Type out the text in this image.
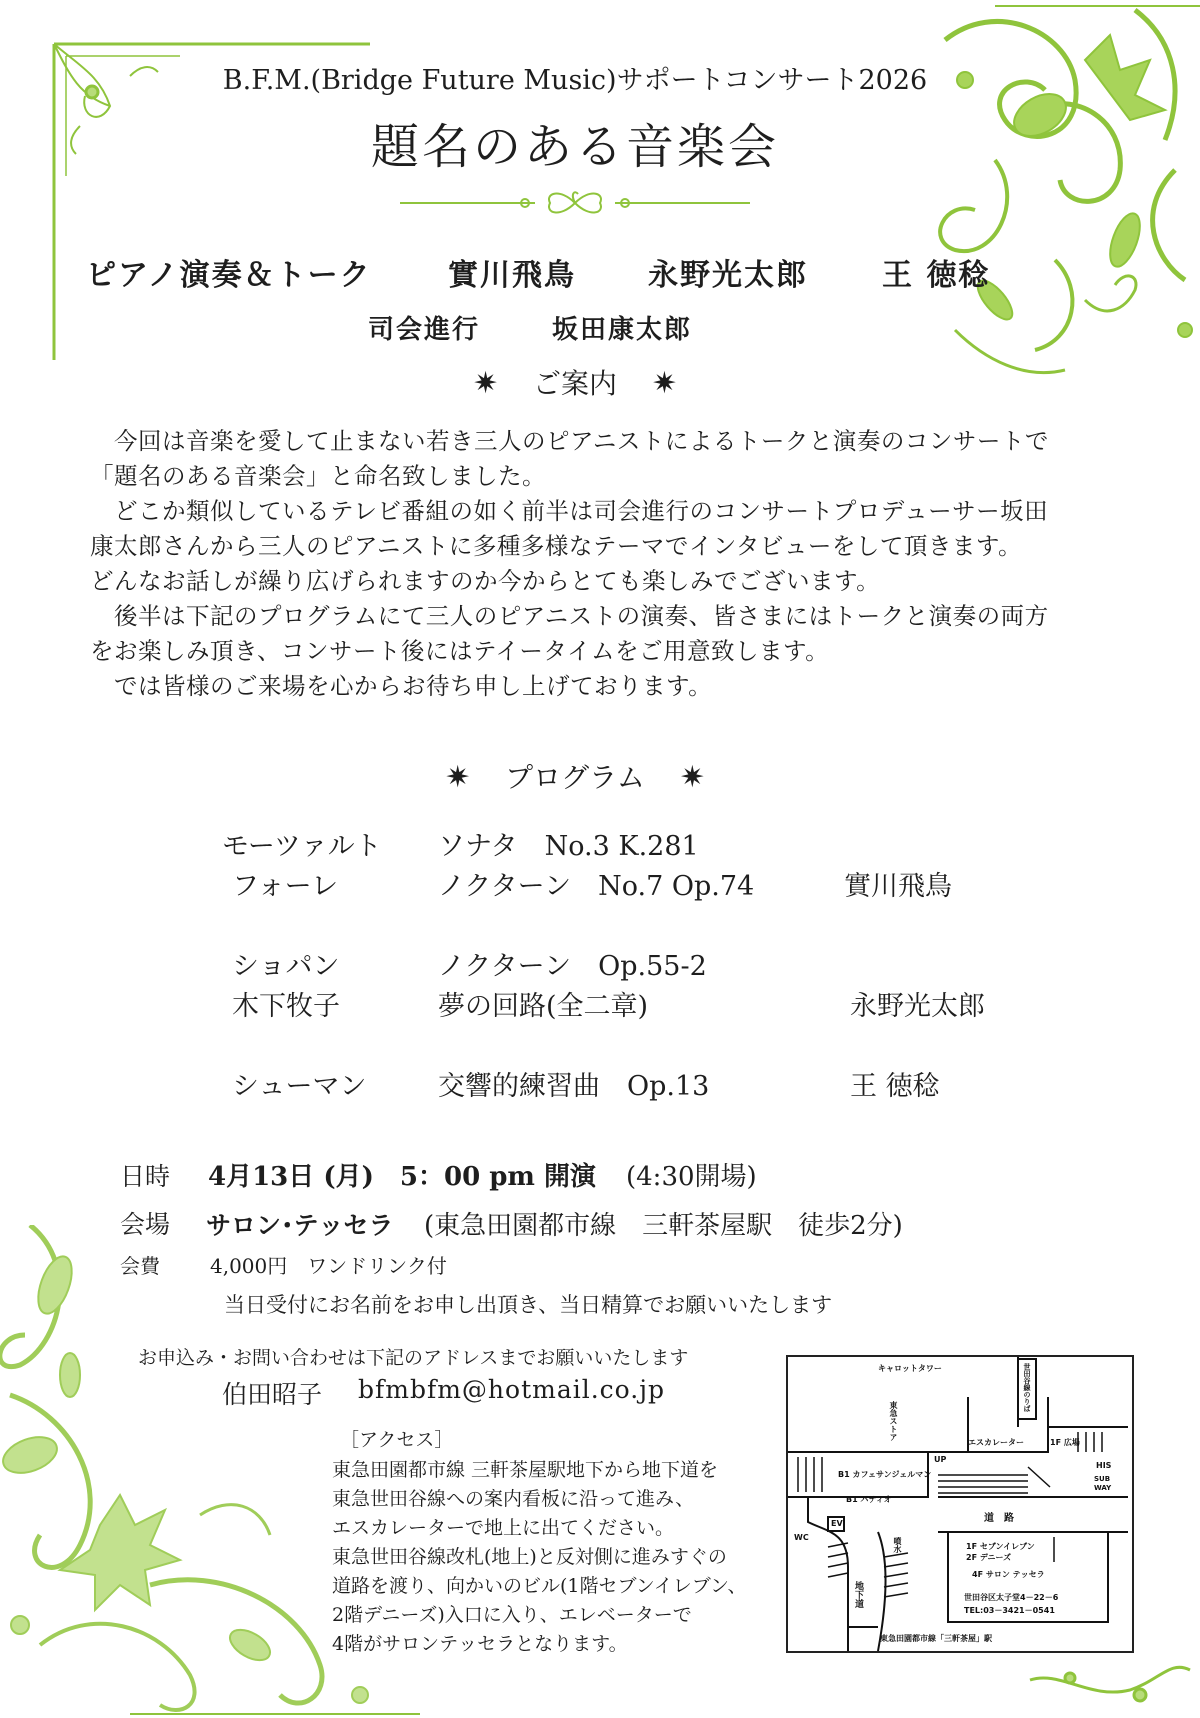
B.F.M.(Bridge Future Music)サポートコンサート2026
題名のある音楽会
ピアノ演奏＆トーク	實川飛鳥 永野光太郎 王 徳稔
司会進行	坂田康太郎
✷ ご案内 ✷
　今回は音楽を愛して止まない若き三人のピアニストによるトークと演奏のコンサートで
「題名のある音楽会」と命名致しました。
　どこか類似しているテレビ番組の如く前半は司会進行のコンサートプロデューサー坂田
康太郎さんから三人のピアニストに多種多様なテーマでインタビューをして頂きます。
どんなお話しが繰り広げられますのか今からとても楽しみでございます。
　後半は下記のプログラムにて三人のピアニストの演奏、皆さまにはトークと演奏の両方
をお楽しみ頂き、コンサート後にはテイータイムをご用意致します。
　では皆様のご来場を心からお待ち申し上げております。
✷ プログラム ✷
モーツァルト ソナタ　No.3 K.281
フォーレ	ノクターン　No.7 Op.74	實川飛鳥
ショパン	ノクターン　Op.55-2
木下牧子	夢の回路(全二章)	永野光太郎
シューマン	交響的練習曲　Op.13	王 徳稔
日時 4月13日 (月)　5：00 pm 開演 (4:30開場)
会場 サロン･テッセラ (東急田園都市線　三軒茶屋駅　徒歩2分)
会費	4,000円　ワンドリンク付
当日受付にお名前をお申し出頂き、当日精算でお願いいたします
お申込み・お問い合わせは下記のアドレスまでお願いいたします
伯田昭子 bfmbfm@hotmail.co.jp
［アクセス］
東急田園都市線 三軒茶屋駅地下から地下道を
東急世田谷線への案内看板に沿って進み、
エスカレーターで地上に出てください。
東急世田谷線改札(地上)と反対側に進みすぐの
道路を渡り、向かいのビル(1階セブンイレブン、
2階デニーズ)入口に入り、エレベーターで
4階がサロンテッセラとなります。
キャロットタワー
東急ストア
世田谷線のりば
エスカレーター	1F 広場
HIS
SUB WAY
B1 カフェサンジェルマン
B1 パティオ
UP
道　路
EV
WC	噴水
地下道
1F セブンイレブン
2F デニーズ
4F サロン テッセラ
世田谷区太子堂4－22－6
TEL:03－3421－0541
東急田園都市線「三軒茶屋」駅
